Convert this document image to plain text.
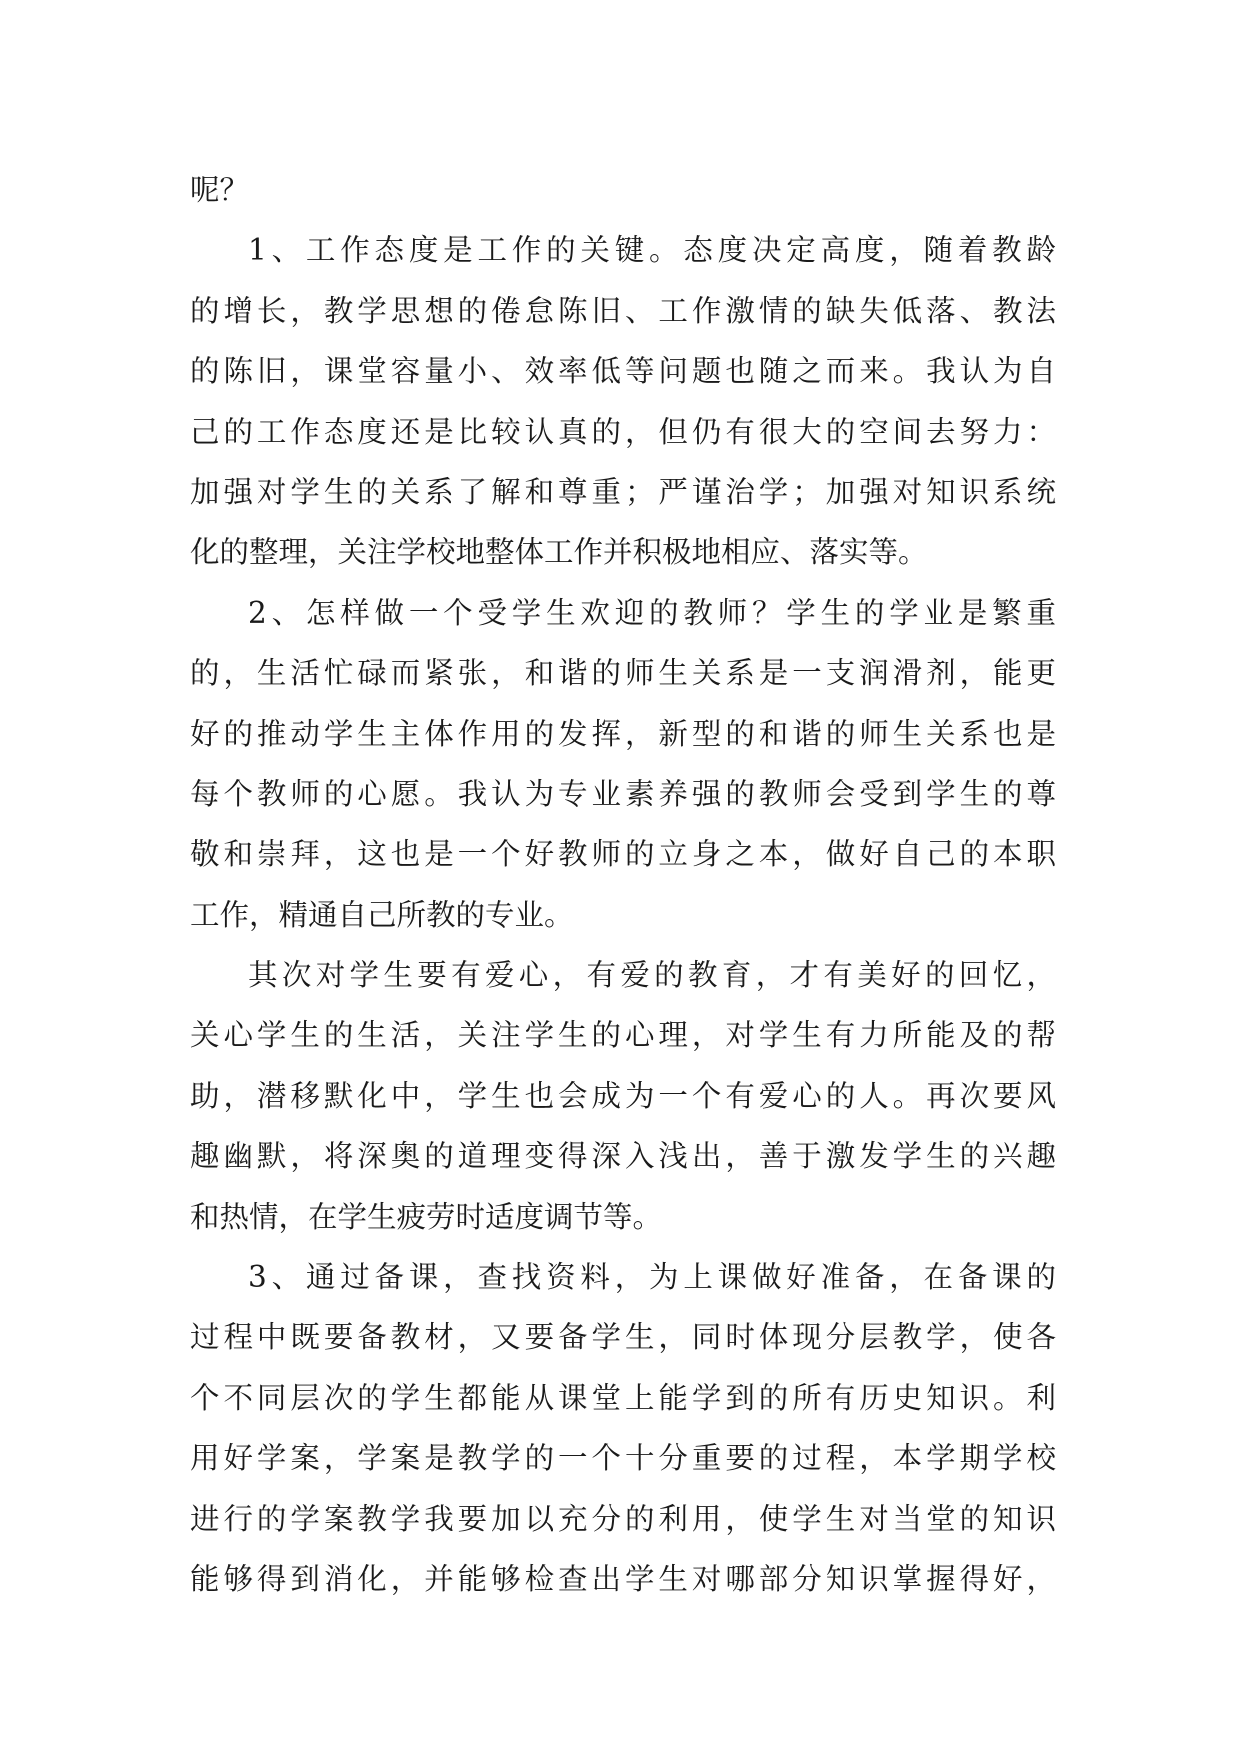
呢？
1、工作态度是工作的关键。态度决定高度，随着教龄
的增长，教学思想的倦怠陈旧、工作激情的缺失低落、教法
的陈旧，课堂容量小、效率低等问题也随之而来。我认为自
己的工作态度还是比较认真的，但仍有很大的空间去努力：
加强对学生的关系了解和尊重；严谨治学；加强对知识系统
化的整理，关注学校地整体工作并积极地相应、落实等。
2、怎样做一个受学生欢迎的教师？学生的学业是繁重
的，生活忙碌而紧张，和谐的师生关系是一支润滑剂，能更
好的推动学生主体作用的发挥，新型的和谐的师生关系也是
每个教师的心愿。我认为专业素养强的教师会受到学生的尊
敬和崇拜，这也是一个好教师的立身之本，做好自己的本职
工作，精通自己所教的专业。
其次对学生要有爱心，有爱的教育，才有美好的回忆，
关心学生的生活，关注学生的心理，对学生有力所能及的帮
助，潜移默化中，学生也会成为一个有爱心的人。再次要风
趣幽默，将深奥的道理变得深入浅出，善于激发学生的兴趣
和热情，在学生疲劳时适度调节等。
3、通过备课，查找资料，为上课做好准备，在备课的
过程中既要备教材，又要备学生，同时体现分层教学，使各
个不同层次的学生都能从课堂上能学到的所有历史知识。利
用好学案，学案是教学的一个十分重要的过程，本学期学校
进行的学案教学我要加以充分的利用，使学生对当堂的知识
能够得到消化，并能够检查出学生对哪部分知识掌握得好，
